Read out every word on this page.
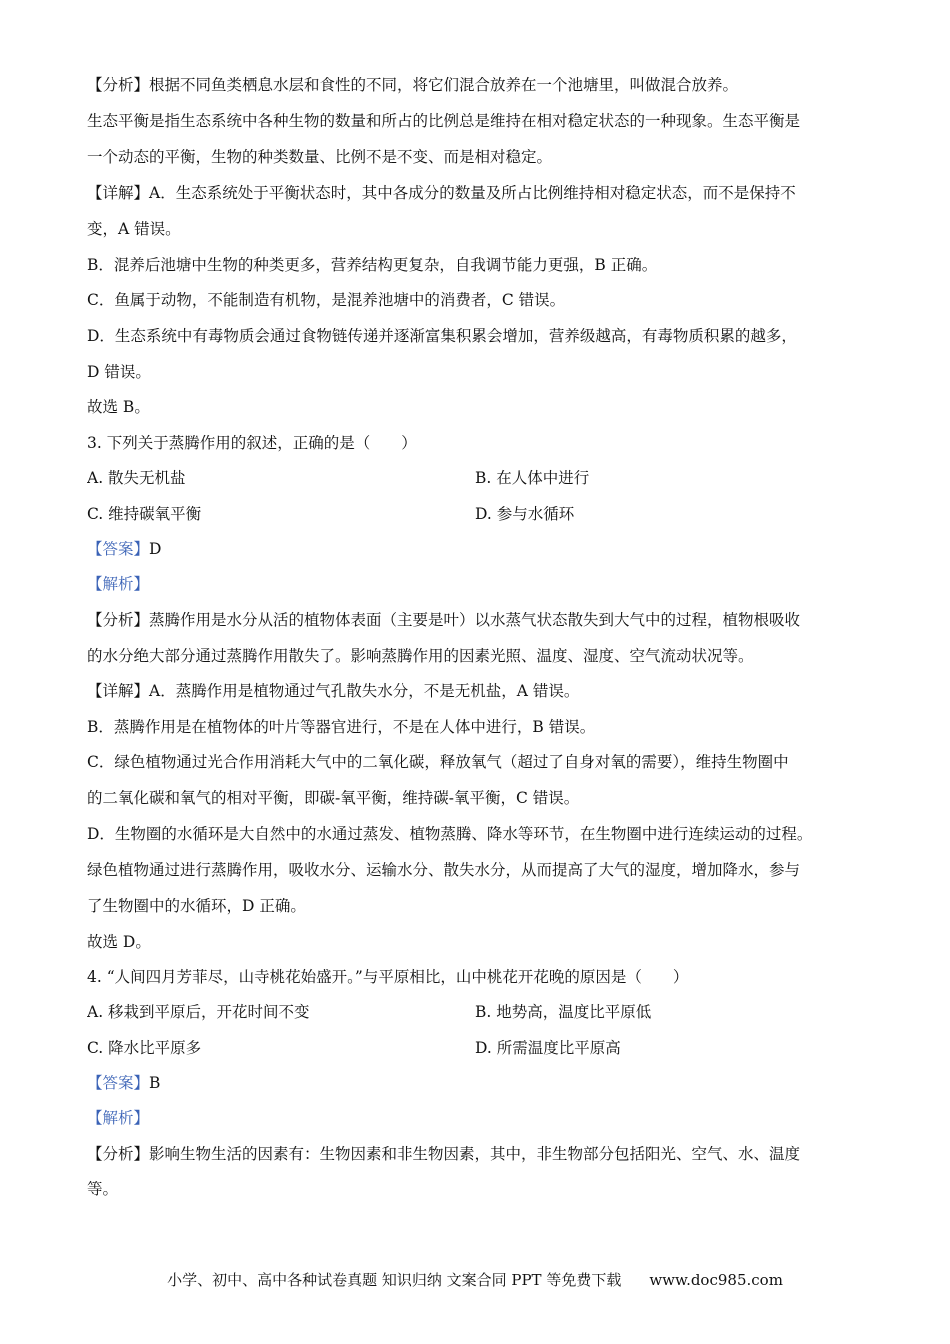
【分析】根据不同鱼类栖息水层和食性的不同，将它们混合放养在一个池塘里，叫做混合放养。
生态平衡是指生态系统中各种生物的数量和所占的比例总是维持在相对稳定状态的一种现象。生态平衡是
一个动态的平衡，生物的种类数量、比例不是不变、而是相对稳定。
【详解】A．生态系统处于平衡状态时，其中各成分的数量及所占比例维持相对稳定状态，而不是保持不
变，A 错误。
B．混养后池塘中生物的种类更多，营养结构更复杂，自我调节能力更强，B 正确。
C．鱼属于动物，不能制造有机物，是混养池塘中的消费者，C 错误。
D．生态系统中有毒物质会通过食物链传递并逐渐富集积累会增加，营养级越高，有毒物质积累的越多，
D 错误。
故选 B。
3. 下列关于蒸腾作用的叙述，正确的是（　　）
A. 散失无机盐	B. 在人体中进行
C. 维持碳氧平衡	D. 参与水循环
【答案】D
【解析】
【分析】蒸腾作用是水分从活的植物体表面（主要是叶）以水蒸气状态散失到大气中的过程，植物根吸收
的水分绝大部分通过蒸腾作用散失了。影响蒸腾作用的因素光照、温度、湿度、空气流动状况等。
【详解】A．蒸腾作用是植物通过气孔散失水分，不是无机盐，A 错误。
B．蒸腾作用是在植物体的叶片等器官进行，不是在人体中进行，B 错误。
C．绿色植物通过光合作用消耗大气中的二氧化碳，释放氧气（超过了自身对氧的需要），维持生物圈中
的二氧化碳和氧气的相对平衡，即碳-氧平衡，维持碳-氧平衡，C 错误。
D．生物圈的水循环是大自然中的水通过蒸发、植物蒸腾、降水等环节，在生物圈中进行连续运动的过程。
绿色植物通过进行蒸腾作用，吸收水分、运输水分、散失水分，从而提高了大气的湿度，增加降水，参与
了生物圈中的水循环，D 正确。
故选 D。
4. “人间四月芳菲尽，山寺桃花始盛开。”与平原相比，山中桃花开花晚的原因是（　　）
A. 移栽到平原后，开花时间不变	B. 地势高，温度比平原低
C. 降水比平原多	D. 所需温度比平原高
【答案】B
【解析】
【分析】影响生物生活的因素有：生物因素和非生物因素，其中，非生物部分包括阳光、空气、水、温度
等。
小学、初中、高中各种试卷真题 知识归纳 文案合同 PPT 等免费下载 www.doc985.com
